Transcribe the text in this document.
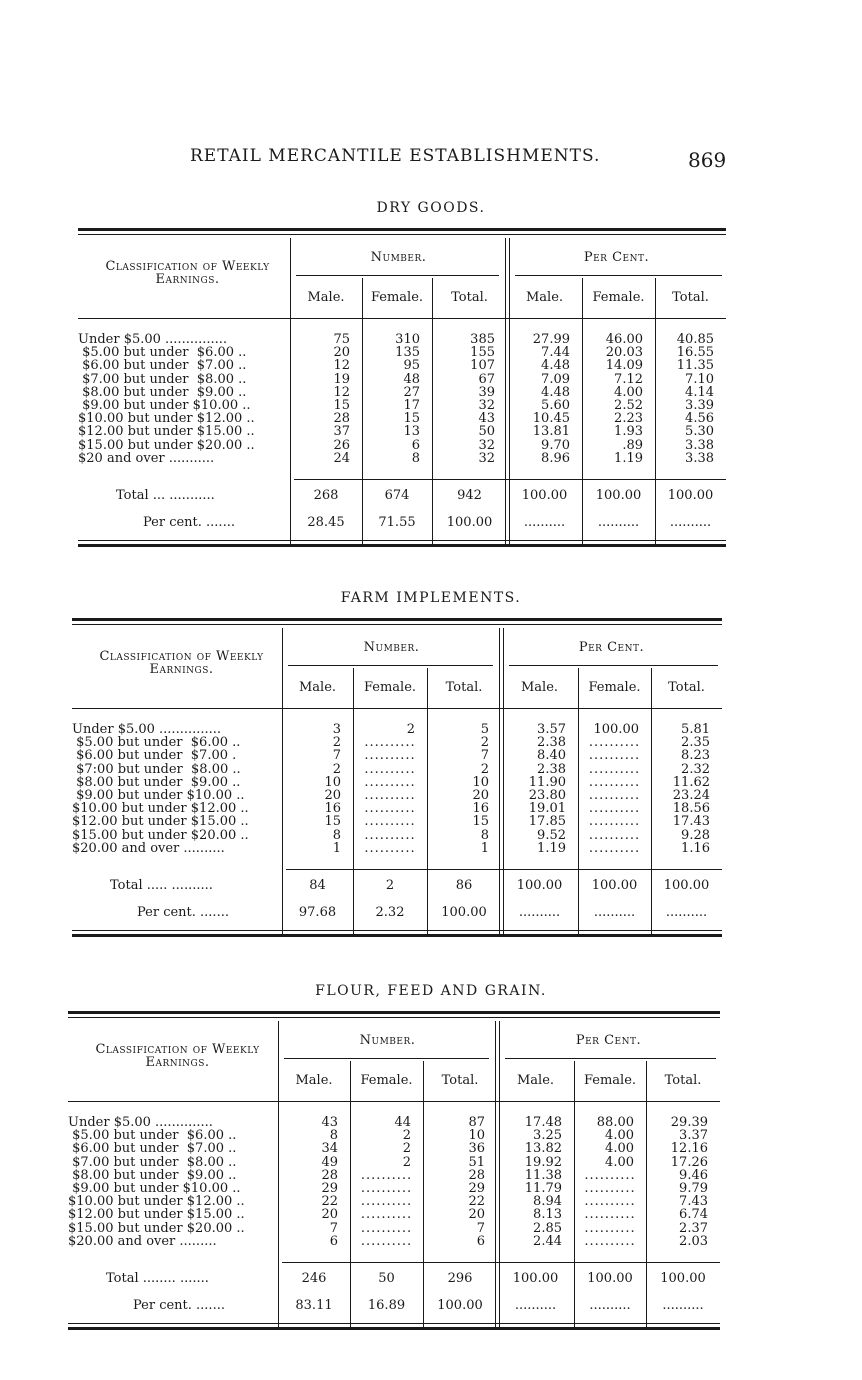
RETAIL MERCANTILE ESTABLISHMENTS.	869
DRY GOODS.
Classification of Weekly Earnings.
Number.	Per Cent.
Male.	Female.	Total.	Male.	Female.	Total.
Under $5.00 ...............	75	310	385	27.99	46.00	40.85
$5.00 but under  $6.00 ..	20	135	155	7.44	20.03	16.55
$6.00 but under  $7.00 ..	12	95	107	4.48	14.09	11.35
$7.00 but under  $8.00 ..	19	48	67	7.09	7.12	7.10
$8.00 but under  $9.00 ..	12	27	39	4.48	4.00	4.14
$9.00 but under $10.00 ..	15	17	32	5.60	2.52	3.39
$10.00 but under $12.00 ..	28	15	43	10.45	2.23	4.56
$12.00 but under $15.00 ..	37	13	50	13.81	1.93	5.30
$15.00 but under $20.00 ..	26	6	32	9.70	.89	3.38
$20 and over ...........	24	8	32	8.96	1.19	3.38
Total ... ...........	268	674	942	100.00	100.00	100.00
Per cent. .......	28.45	71.55	100.00	..........	..........	..........
FARM IMPLEMENTS.
Classification of Weekly Earnings.
Number.	Per Cent.
Male.	Female.	Total.	Male.	Female.	Total.
Under $5.00 ...............	3	2	5	3.57	100.00	5.81
$5.00 but under  $6.00 ..	2	..........	2	2.38	..........	2.35
$6.00 but under  $7.00 .	7	..........	7	8.40	..........	8.23
$7:00 but under  $8.00 ..	2	..........	2	2.38	..........	2.32
$8.00 but under  $9.00 ..	10	..........	10	11.90	..........	11.62
$9.00 but under $10.00 ..	20	..........	20	23.80	..........	23.24
$10.00 but under $12.00 ..	16	..........	16	19.01	..........	18.56
$12.00 but under $15.00 ..	15	..........	15	17.85	..........	17.43
$15.00 but under $20.00 ..	8	..........	8	9.52	..........	9.28
$20.00 and over ..........	1	..........	1	1.19	..........	1.16
Total ..... ..........	84	2	86	100.00	100.00	100.00
Per cent. .......	97.68	2.32	100.00	..........	..........	..........
FLOUR, FEED AND GRAIN.
Classification of Weekly Earnings.
Number.	Per Cent.
Male.	Female.	Total.	Male.	Female.	Total.
Under $5.00 ..............	43	44	87	17.48	88.00	29.39
$5.00 but under  $6.00 ..	8	2	10	3.25	4.00	3.37
$6.00 but under  $7.00 ..	34	2	36	13.82	4.00	12.16
$7.00 but under  $8.00 ..	49	2	51	19.92	4.00	17.26
$8.00 but under  $9.00 ..	28	..........	28	11.38	..........	9.46
$9.00 but under $10.00 ..	29	..........	29	11.79	..........	9.79
$10.00 but under $12.00 ..	22	..........	22	8.94	..........	7.43
$12.00 but under $15.00 ..	20	..........	20	8.13	..........	6.74
$15.00 but under $20.00 ..	7	..........	7	2.85	..........	2.37
$20.00 and over .........	6	..........	6	2.44	..........	2.03
Total ........ .......	246	50	296	100.00	100.00	100.00
Per cent. .......	83.11	16.89	100.00	..........	..........	..........
